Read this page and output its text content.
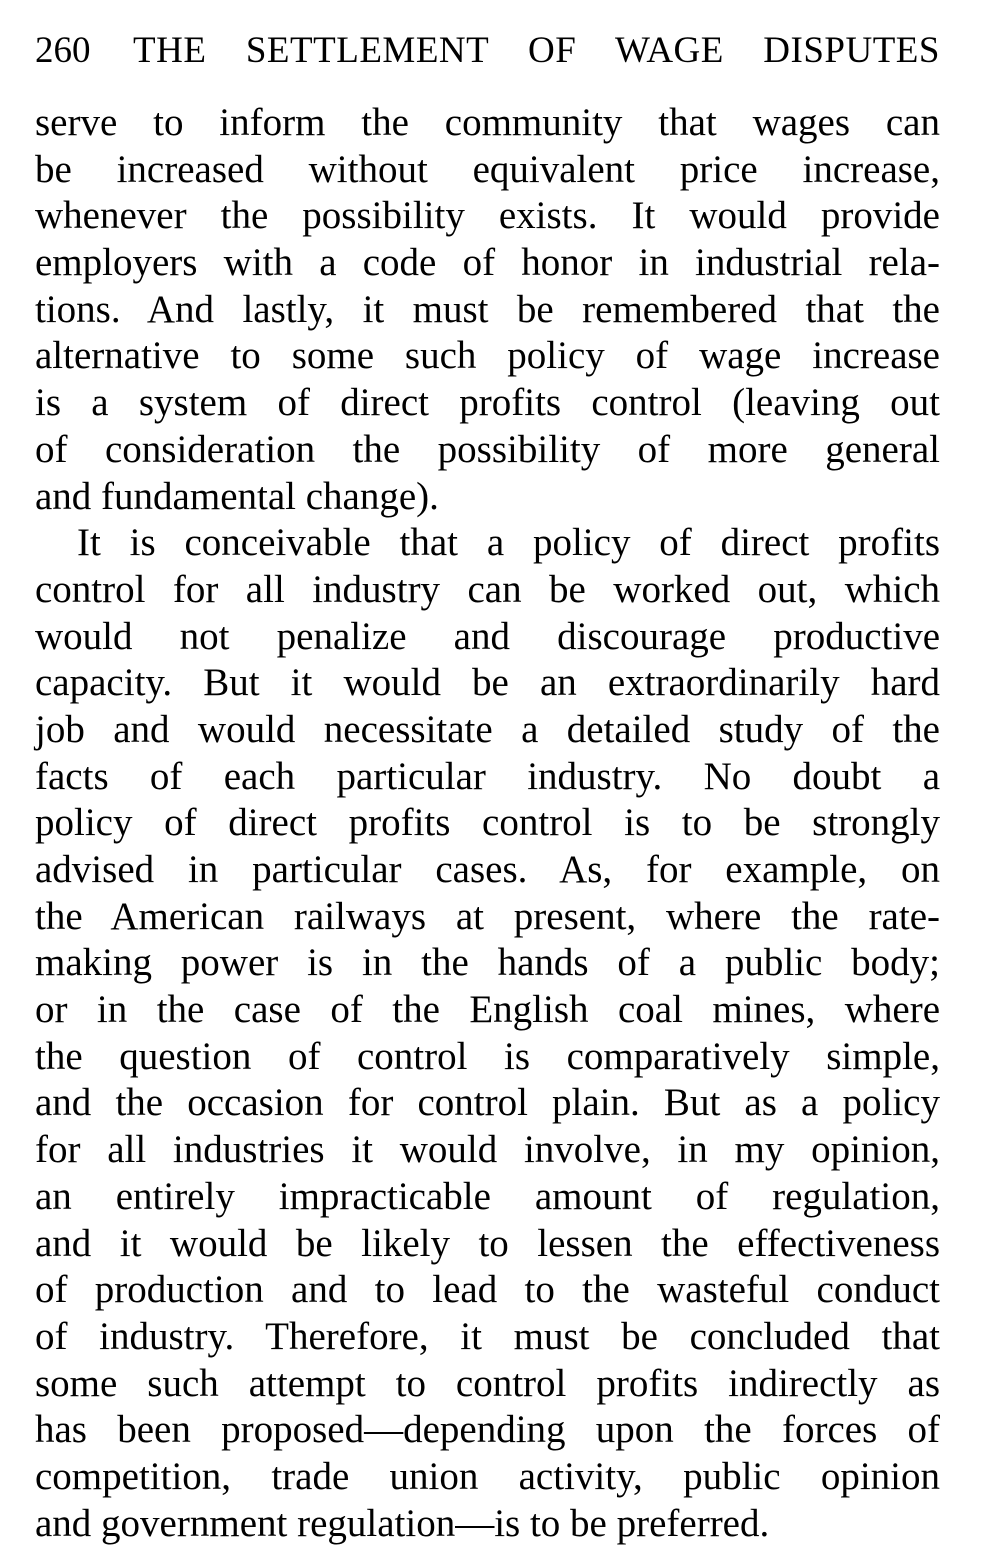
260 THE SETTLEMENT OF WAGE DISPUTES
serve to inform the community that wages can
be increased without equivalent price increase,
whenever the possibility exists. It would provide
employers with a code of honor in industrial rela-
tions. And lastly, it must be remembered that the
alternative to some such policy of wage increase
is a system of direct profits control (leaving out
of consideration the possibility of more general
and fundamental change).
It is conceivable that a policy of direct profits
control for all industry can be worked out, which
would not penalize and discourage productive
capacity. But it would be an extraordinarily hard
job and would necessitate a detailed study of the
facts of each particular industry. No doubt a
policy of direct profits control is to be strongly
advised in particular cases. As, for example, on
the American railways at present, where the rate-
making power is in the hands of a public body;
or in the case of the English coal mines, where
the question of control is comparatively simple,
and the occasion for control plain. But as a policy
for all industries it would involve, in my opinion,
an entirely impracticable amount of regulation,
and it would be likely to lessen the effectiveness
of production and to lead to the wasteful conduct
of industry. Therefore, it must be concluded that
some such attempt to control profits indirectly as
has been proposed—depending upon the forces of
competition, trade union activity, public opinion
and government regulation—is to be preferred.
